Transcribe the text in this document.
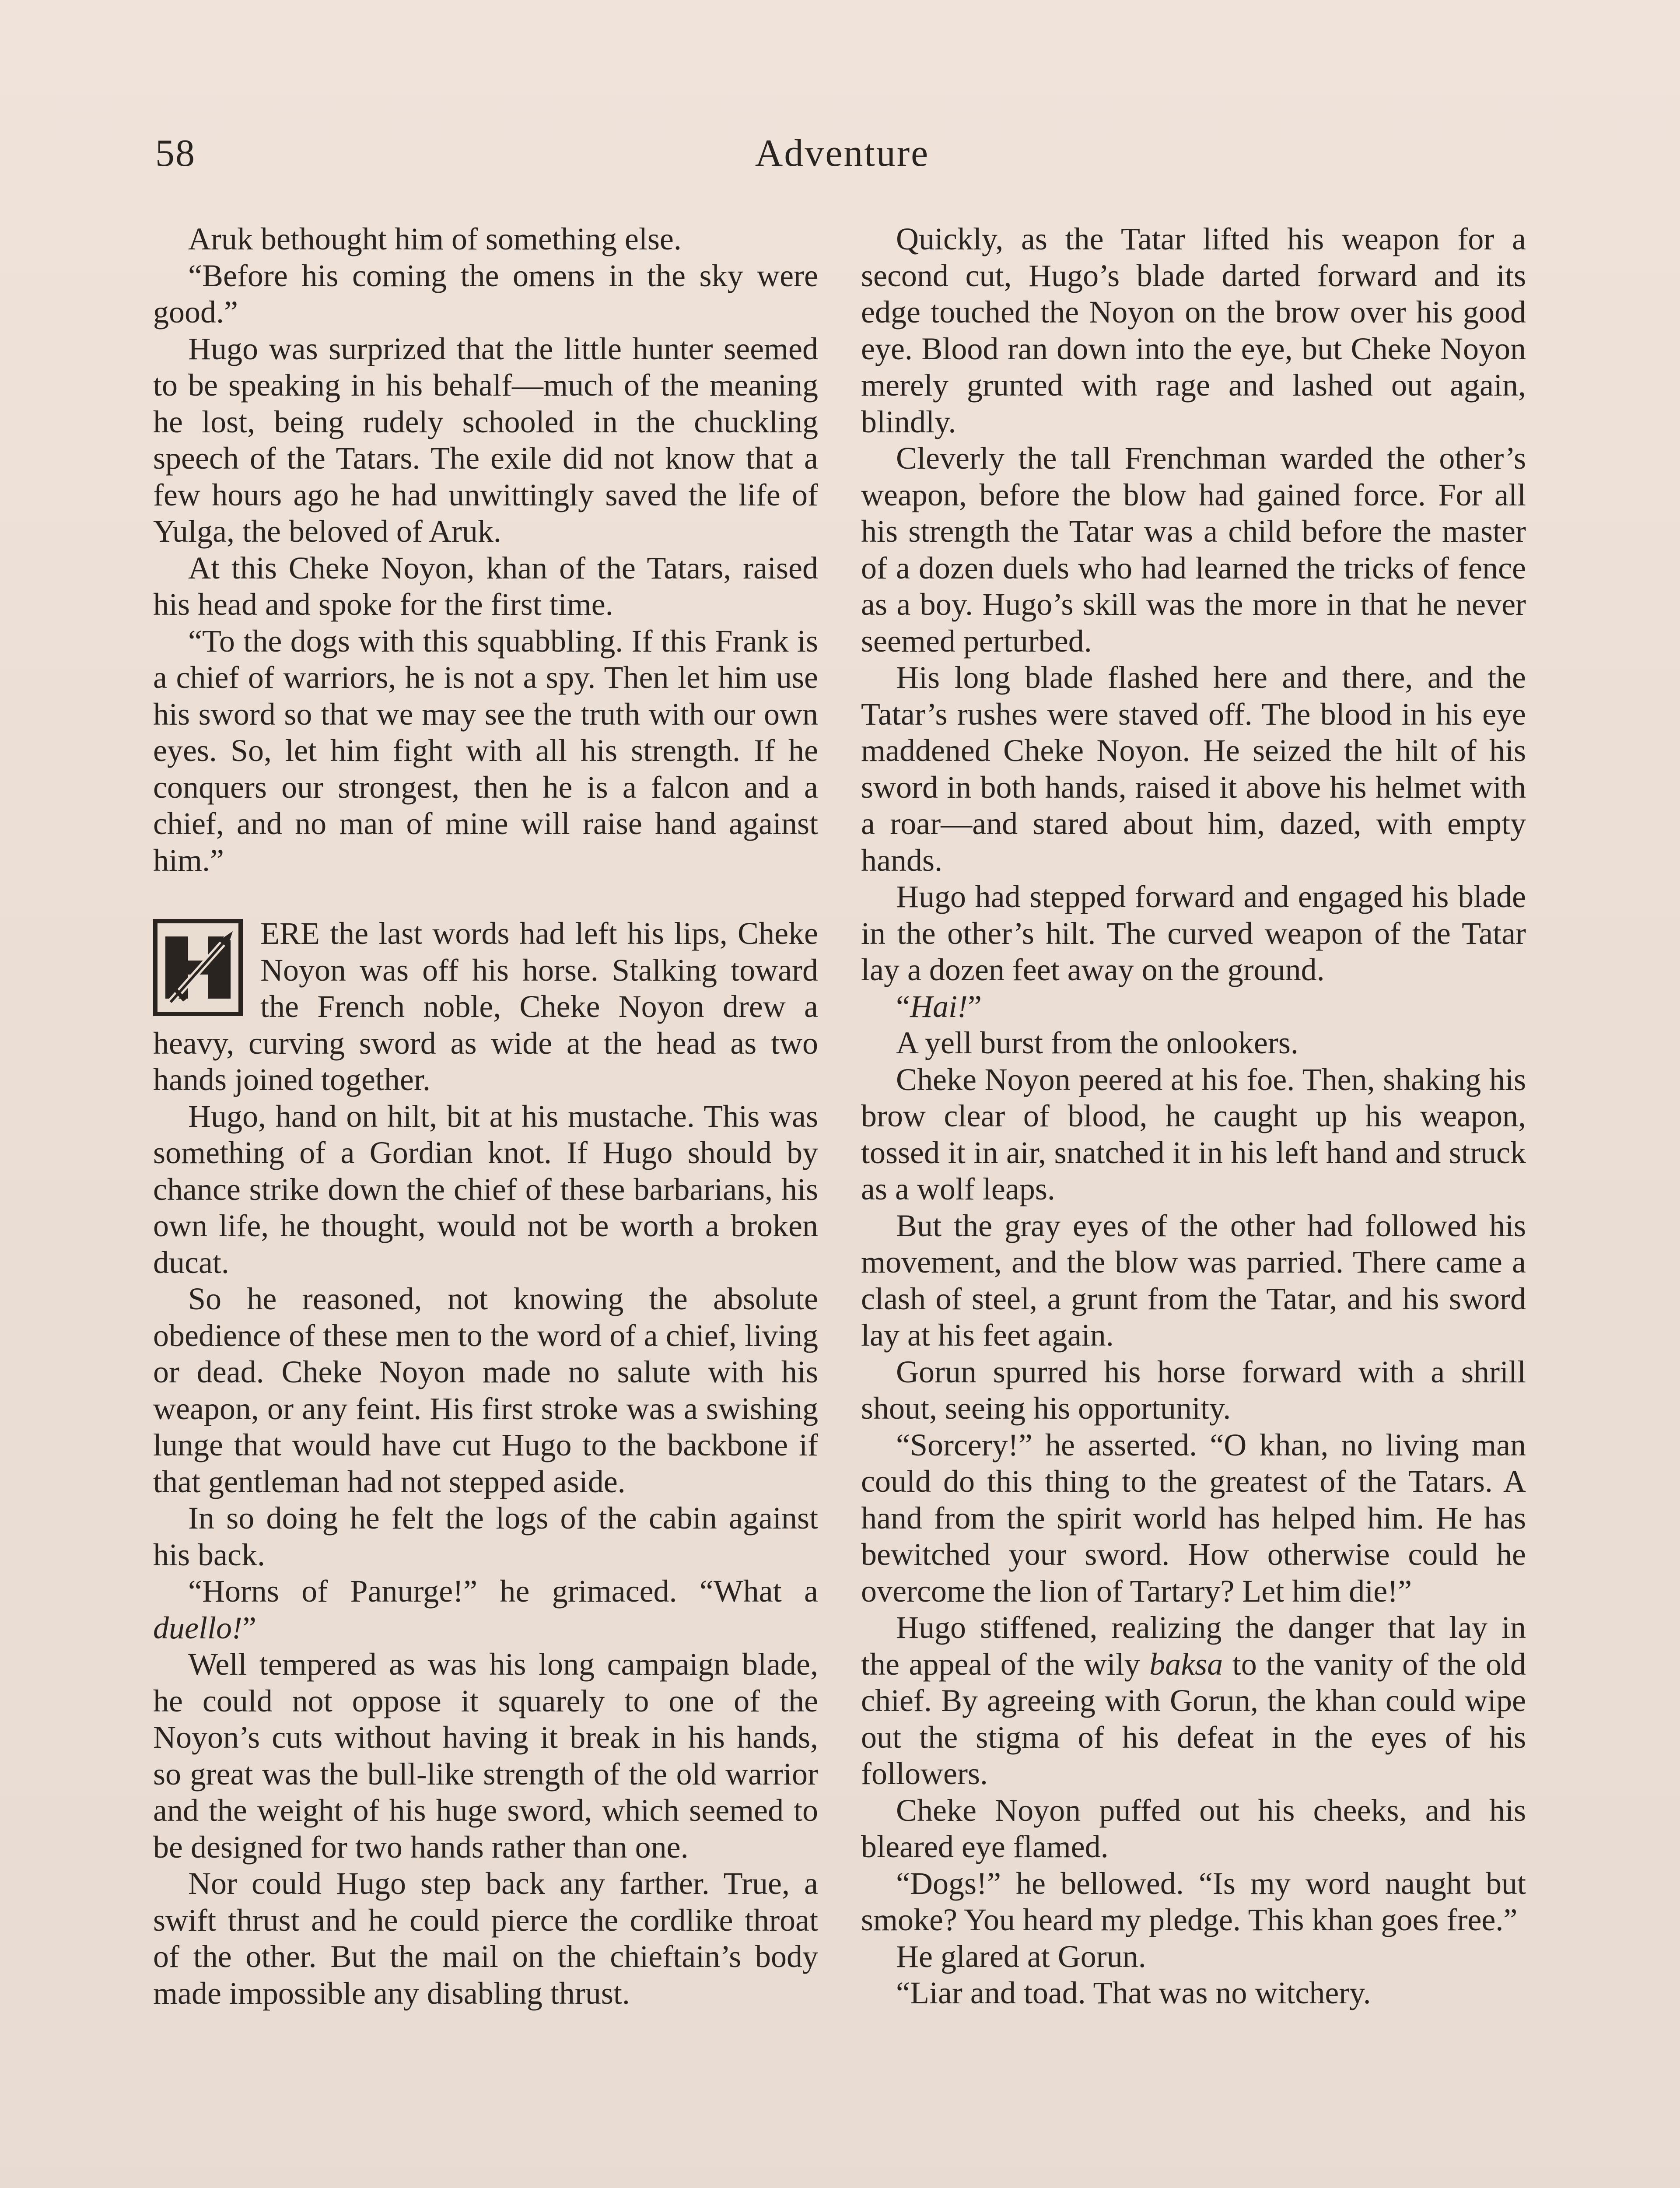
58	Adventure

Aruk bethought him of something else.

“Before his coming the omens in the sky were good.”

Hugo was surprized that the little hunter seemed to be speaking in his behalf—much of the meaning he lost, being rudely schooled in the chuckling speech of the Tatars. The exile did not know that a few hours ago he had unwittingly saved the life of Yulga, the beloved of Aruk.

At this Cheke Noyon, khan of the Tatars, raised his head and spoke for the first time.

“To the dogs with this squabbling. If this Frank is a chief of warriors, he is not a spy. Then let him use his sword so that we may see the truth with our own eyes. So, let him fight with all his strength. If he conquers our strongest, then he is a falcon and a chief, and no man of mine will raise hand against him.”

ERE the last words had left his lips, Cheke Noyon was off his horse. Stalking toward the French noble, Cheke Noyon drew a heavy, curving sword as wide at the head as two hands joined together.

Hugo, hand on hilt, bit at his mustache. This was something of a Gordian knot. If Hugo should by chance strike down the chief of these barbarians, his own life, he thought, would not be worth a broken ducat.

So he reasoned, not knowing the absolute obedience of these men to the word of a chief, living or dead. Cheke Noyon made no salute with his weapon, or any feint. His first stroke was a swishing lunge that would have cut Hugo to the backbone if that gentleman had not stepped aside.

In so doing he felt the logs of the cabin against his back.

“Horns of Panurge!” he grimaced. “What a duello!”

Well tempered as was his long campaign blade, he could not oppose it squarely to one of the Noyon’s cuts without having it break in his hands, so great was the bull-like strength of the old warrior and the weight of his huge sword, which seemed to be designed for two hands rather than one.

Nor could Hugo step back any farther. True, a swift thrust and he could pierce the cordlike throat of the other. But the mail on the chieftain’s body made impossible any disabling thrust.

Quickly, as the Tatar lifted his weapon for a second cut, Hugo’s blade darted forward and its edge touched the Noyon on the brow over his good eye. Blood ran down into the eye, but Cheke Noyon merely grunted with rage and lashed out again, blindly.

Cleverly the tall Frenchman warded the other’s weapon, before the blow had gained force. For all his strength the Tatar was a child before the master of a dozen duels who had learned the tricks of fence as a boy. Hugo’s skill was the more in that he never seemed perturbed.

His long blade flashed here and there, and the Tatar’s rushes were staved off. The blood in his eye maddened Cheke Noyon. He seized the hilt of his sword in both hands, raised it above his helmet with a roar—and stared about him, dazed, with empty hands.

Hugo had stepped forward and engaged his blade in the other’s hilt. The curved weapon of the Tatar lay a dozen feet away on the ground.

“Hai!”

A yell burst from the onlookers.

Cheke Noyon peered at his foe. Then, shaking his brow clear of blood, he caught up his weapon, tossed it in air, snatched it in his left hand and struck as a wolf leaps.

But the gray eyes of the other had followed his movement, and the blow was parried. There came a clash of steel, a grunt from the Tatar, and his sword lay at his feet again.

Gorun spurred his horse forward with a shrill shout, seeing his opportunity.

“Sorcery!” he asserted. “O khan, no living man could do this thing to the greatest of the Tatars. A hand from the spirit world has helped him. He has bewitched your sword. How otherwise could he overcome the lion of Tartary? Let him die!”

Hugo stiffened, realizing the danger that lay in the appeal of the wily baksa to the vanity of the old chief. By agreeing with Gorun, the khan could wipe out the stigma of his defeat in the eyes of his followers.

Cheke Noyon puffed out his cheeks, and his bleared eye flamed.

“Dogs!” he bellowed. “Is my word naught but smoke? You heard my pledge. This khan goes free.”

He glared at Gorun.

“Liar and toad. That was no witchery.
